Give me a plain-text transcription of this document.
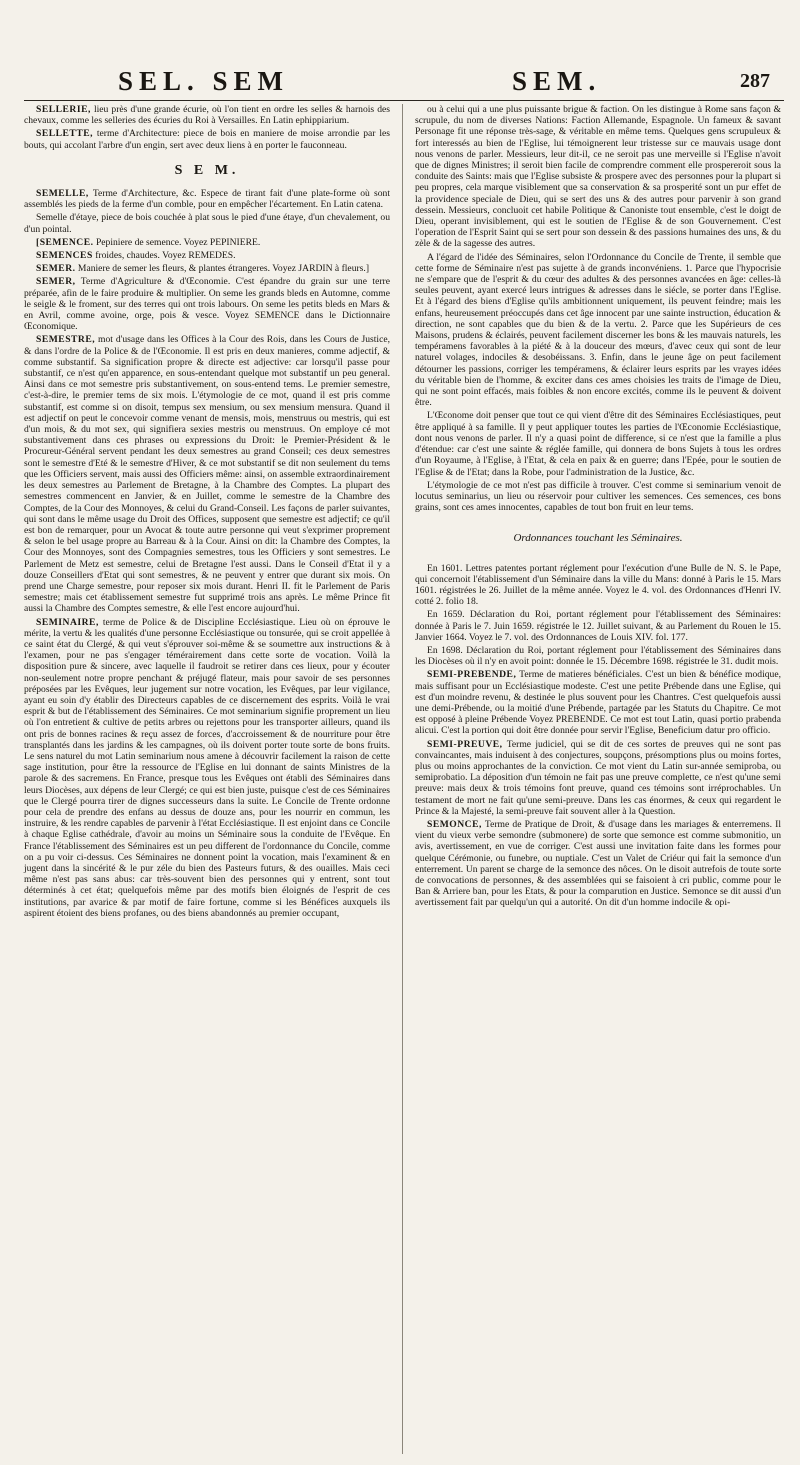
SEL. SEM	SEM.	287

SELLERIE, lieu près d'une grande écurie, où l'on tient en ordre les selles & harnois des chevaux, comme les selleries des écuries du Roi à Versailles. En Latin ephippiarium.

SELLETTE, terme d'Architecture: piece de bois en maniere de moise arrondie par les bouts, qui accolant l'arbre d'un engin, sert avec deux liens à en porter le fauconneau.

S E M.

SEMELLE, Terme d'Architecture, &c. Espece de tirant fait d'une plate-forme où sont assemblés les pieds de la ferme d'un comble, pour en empêcher l'écartement. En Latin catena.

Semelle d'étaye, piece de bois couchée à plat sous le pied d'une étaye, d'un chevalement, ou d'un pointal.

[SEMENCE. Pepiniere de semence. Voyez PEPINIERE.

SEMENCES froides, chaudes. Voyez REMEDES.

SEMER. Maniere de semer les fleurs, & plantes étrangeres. Voyez JARDIN à fleurs.]

SEMER, Terme d'Agriculture & d'Œconomie. C'est épandre du grain sur une terre préparée, afin de le faire produire & multiplier. On seme les grands bleds en Automne, comme le seigle & le froment, sur des terres qui ont trois labours. On seme les petits bleds en Mars & en Avril, comme avoine, orge, pois & vesce. Voyez SEMENCE dans le Dictionnaire Œconomique.

SEMESTRE, mot d'usage dans les Offices à la Cour des Rois, dans les Cours de Justice, & dans l'ordre de la Police & de l'Œconomie. Il est pris en deux manieres, comme adjectif, & comme substantif. Sa signification propre & directe est adjective: car lorsqu'il passe pour substantif, ce n'est qu'en apparence, en sous-entendant quelque mot substantif un peu general. Ainsi dans ce mot semestre pris substantivement, on sous-entend tems. Le premier semestre, c'est-à-dire, le premier tems de six mois. L'étymologie de ce mot, quand il est pris comme substantif, est comme si on disoit, tempus sex mensium, ou sex mensium mensura. Quand il est adjectif on peut le concevoir comme venant de mensis, mois, menstruus ou mestris, qui est d'un mois, & du mot sex, qui signifiera sexies mestris ou menstruus. On employe cé mot substantivement dans ces phrases ou expressions du Droit: le Premier-Président & le Procureur-Général servent pendant les deux semestres au grand Conseil; ces deux semestres sont le semestre d'Eté & le semestre d'Hiver, & ce mot substantif se dit non seulement du tems que les Officiers servent, mais aussi des Officiers même: ainsi, on assemble extraordinairement les deux semestres au Parlement de Bretagne, à la Chambre des Comptes. La plupart des semestres commencent en Janvier, & en Juillet, comme le semestre de la Chambre des Comptes, de la Cour des Monnoyes, & celui du Grand-Conseil. Les façons de parler suivantes, qui sont dans le même usage du Droit des Offices, supposent que semestre est adjectif; ce qu'il est bon de remarquer, pour un Avocat & toute autre personne qui veut s'exprimer proprement & selon le bel usage propre au Barreau & à la Cour. Ainsi on dit: la Chambre des Comptes, la Cour des Monnoyes, sont des Compagnies semestres, tous les Officiers y sont semestres. Le Parlement de Metz est semestre, celui de Bretagne l'est aussi. Dans le Conseil d'Etat il y a douze Conseillers d'Etat qui sont semestres, & ne peuvent y entrer que durant six mois. On prend une Charge semestre, pour reposer six mois durant. Henri II. fit le Parlement de Paris semestre; mais cet établissement semestre fut supprimé trois ans après. Le même Prince fit aussi la Chambre des Comptes semestre, & elle l'est encore aujourd'hui.

SEMINAIRE, terme de Police & de Discipline Ecclésiastique. Lieu où on éprouve le mérite, la vertu & les qualités d'une personne Ecclésiastique ou tonsurée, qui se croit appellée à ce saint état du Clergé, & qui veut s'éprouver soi-même & se soumettre aux instructions & à l'examen, pour ne pas s'engager témérairement dans cette sorte de vocation. Voilà la disposition pure & sincere, avec laquelle il faudroit se retirer dans ces lieux, pour y écouter non-seulement notre propre penchant & préjugé flateur, mais pour savoir de ses personnes préposées par les Evêques, leur jugement sur notre vocation, les Evêques, par leur vigilance, ayant eu soin d'y établir des Directeurs capables de ce discernement des esprits. Voilà le vrai esprit & but de l'établissement des Séminaires. Ce mot seminarium signifie proprement un lieu où l'on entretient & cultive de petits arbres ou rejettons pour les transporter ailleurs, quand ils ont pris de bonnes racines & reçu assez de forces, d'accroissement & de nourriture pour être transplantés dans les jardins & les campagnes, où ils doivent porter toute sorte de bons fruits. Le sens naturel du mot Latin seminarium nous amene à découvrir facilement la raison de cette sage institution, pour être la ressource de l'Eglise en lui donnant de saints Ministres de la parole & des sacremens. En France, presque tous les Evêques ont établi des Séminaires dans leurs Diocèses, aux dépens de leur Clergé; ce qui est bien juste, puisque c'est de ces Séminaires que le Clergé pourra tirer de dignes successeurs dans la suite. Le Concile de Trente ordonne pour cela de prendre des enfans au dessus de douze ans, pour les nourrir en commun, les instruire, & les rendre capables de parvenir à l'état Ecclésiastique. Il est enjoint dans ce Concile à chaque Eglise cathédrale, d'avoir au moins un Séminaire sous la conduite de l'Evêque. En France l'établissement des Séminaires est un peu different de l'ordonnance du Concile, comme on a pu voir ci-dessus. Ces Séminaires ne donnent point la vocation, mais l'examinent & en jugent dans la sincérité & le pur zéle du bien des Pasteurs futurs, & des ouailles. Mais ceci même n'est pas sans abus: car très-souvent bien des personnes qui y entrent, sont tout déterminés à cet état; quelquefois même par des motifs bien éloignés de l'esprit de ces institutions, par avarice & par motif de faire fortune, comme si les Bénéfices auxquels ils aspirent étoient des biens profanes, ou des biens abandonnés au premier occupant,

ou à celui qui a une plus puissante brigue & faction. On les distingue à Rome sans façon & scrupule, du nom de diverses Nations: Faction Allemande, Espagnole. Un fameux & savant Personage fit une réponse très-sage, & véritable en même tems. Quelques gens scrupuleux & fort interessés au bien de l'Eglise, lui témoignerent leur tristesse sur ce mauvais usage dont nous venons de parler. Messieurs, leur dit-il, ce ne seroit pas une merveille si l'Eglise n'avoit que de dignes Ministres; il seroit bien facile de comprendre comment elle prospereroit sous la conduite des Saints: mais que l'Eglise subsiste & prospere avec des personnes pour la plupart si peu propres, cela marque visiblement que sa conservation & sa prosperité sont un pur effet de la providence speciale de Dieu, qui se sert des uns & des autres pour parvenir à son grand dessein. Messieurs, concluoit cet habile Politique & Canoniste tout ensemble, c'est le doigt de Dieu, operant invisiblement, qui est le soutien de l'Eglise & de son Gouvernement. C'est l'operation de l'Esprit Saint qui se sert pour son dessein & des passions humaines des uns, & du zèle & de la sagesse des autres.

A l'égard de l'idée des Séminaires, selon l'Ordonnance du Concile de Trente, il semble que cette forme de Séminaire n'est pas sujette à de grands inconvéniens. 1. Parce que l'hypocrisie ne s'empare que de l'esprit & du cœur des adultes & des personnes avancées en âge: celles-là seules peuvent, ayant exercé leurs intrigues & adresses dans le siécle, se porter dans l'Eglise. Et à l'égard des biens d'Eglise qu'ils ambitionnent uniquement, ils peuvent feindre; mais les enfans, heureusement préoccupés dans cet âge innocent par une sainte instruction, éducation & direction, ne sont capables que du bien & de la vertu. 2. Parce que les Supérieurs de ces Maisons, prudens & éclairés, peuvent facilement discerner les bons & les mauvais naturels, les tempéramens favorables à la piété & à la douceur des mœurs, d'avec ceux qui sont de leur naturel volages, indociles & desobéissans. 3. Enfin, dans le jeune âge on peut facilement détourner les passions, corriger les tempéramens, & éclairer leurs esprits par les vrayes idées du véritable bien de l'homme, & exciter dans ces ames choisies les traits de l'image de Dieu, qui ne sont point effacés, mais foibles & non encore excités, comme ils le peuvent & doivent être.

L'Œconome doit penser que tout ce qui vient d'être dit des Séminaires Ecclésiastiques, peut être appliqué à sa famille. Il y peut appliquer toutes les parties de l'Œconomie Ecclésiastique, dont nous venons de parler. Il n'y a quasi point de difference, si ce n'est que la famille a plus d'étendue: car c'est une sainte & réglée famille, qui donnera de bons Sujets à tous les ordres d'un Royaume, à l'Eglise, à l'Etat, & cela en paix & en guerre; dans l'Epée, pour le soutien de l'Eglise & de l'Etat; dans la Robe, pour l'administration de la Justice, &c.

L'étymologie de ce mot n'est pas difficile à trouver. C'est comme si seminarium venoit de locutus seminarius, un lieu ou réservoir pour cultiver les semences. Ces semences, ces bons grains, sont ces ames innocentes, capables de tout bon fruit en leur tems.

Ordonnances touchant les Séminaires.

En 1601. Lettres patentes portant réglement pour l'exécution d'une Bulle de N. S. le Pape, qui concernoit l'établissement d'un Séminaire dans la ville du Mans: donné à Paris le 15. Mars 1601. régistrées le 26. Juillet de la même année. Voyez le 4. vol. des Ordonnances d'Henri IV. cotté 2. folio 18.

En 1659. Déclaration du Roi, portant réglement pour l'établissement des Séminaires: donnée à Paris le 7. Juin 1659. régistrée le 12. Juillet suivant, & au Parlement du Rouen le 15. Janvier 1664. Voyez le 7. vol. des Ordonnances de Louis XIV. fol. 177.

En 1698. Déclaration du Roi, portant réglement pour l'établissement des Séminaires dans les Diocèses où il n'y en avoit point: donnée le 15. Décembre 1698. régistrée le 31. dudit mois.

SEMI-PREBENDE, Terme de matieres bénéficiales. C'est un bien & bénéfice modique, mais suffisant pour un Ecclésiastique modeste. C'est une petite Prébende dans une Eglise, qui est d'un moindre revenu, & destinée le plus souvent pour les Chantres. C'est quelquefois aussi une demi-Prébende, ou la moitié d'une Prébende, partagée par les Statuts du Chapitre. Ce mot est opposé à pleine Prébende Voyez PREBENDE. Ce mot est tout Latin, quasi portio prabenda alicui. C'est la portion qui doit être donnée pour servir l'Eglise, Beneficium datur pro officio.

SEMI-PREUVE, Terme judiciel, qui se dit de ces sortes de preuves qui ne sont pas convaincantes, mais induisent à des conjectures, soupçons, présomptions plus ou moins fortes, plus ou moins approchantes de la conviction. Ce mot vient du Latin sur-année semiproba, ou semiprobatio. La déposition d'un témoin ne fait pas une preuve complette, ce n'est qu'une semi preuve: mais deux & trois témoins font preuve, quand ces témoins sont irréprochables. Un testament de mort ne fait qu'une semi-preuve. Dans les cas énormes, & ceux qui regardent le Prince & la Majesté, la semi-preuve fait souvent aller à la Question.

SEMONCE, Terme de Pratique de Droit, & d'usage dans les mariages & enterremens. Il vient du vieux verbe semondre (submonere) de sorte que semonce est comme submonitio, un avis, avertissement, en vue de corriger. C'est aussi une invitation faite dans les formes pour quelque Cérémonie, ou funebre, ou nuptiale. C'est un Valet de Criéur qui fait la semonce d'un enterrement. Un parent se charge de la semonce des nôces. On le disoit autrefois de toute sorte de convocations de personnes, & des assemblées qui se faisoient à cri public, comme pour le Ban & Arriere ban, pour les Etats, & pour la comparution en Justice. Semonce se dit aussi d'un avertissement fait par quelqu'un qui a autorité. On dit d'un homme indocile & opi-
